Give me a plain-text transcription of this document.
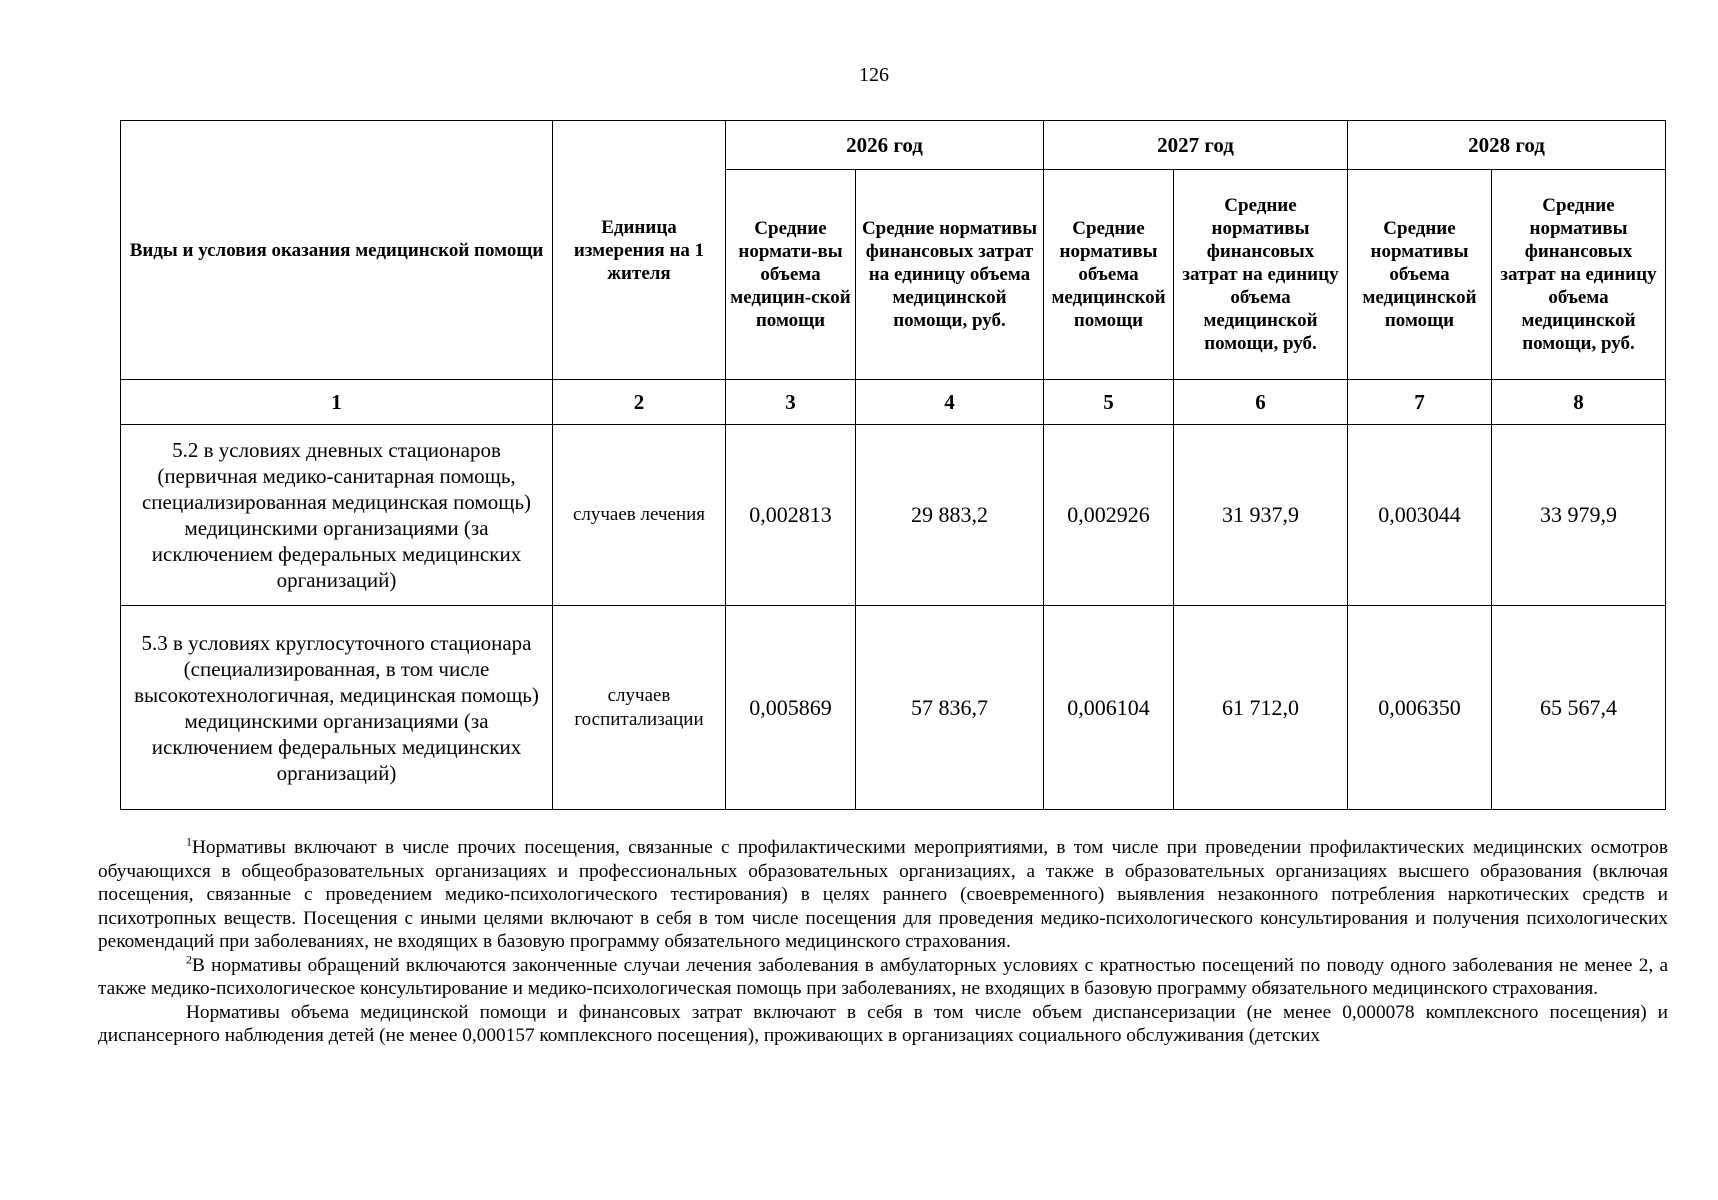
126
Виды и условия оказания медицинской помощи	Единица измерения на 1 жителя	2026 год		2027 год		2028 год	
		Средние нормати-вы объема медицин-ской помощи	Средние нормативы финансовых затрат на единицу объема медицинской помощи, руб.	Средние нормативы объема медицинской помощи	Средние нормативы финансовых затрат на единицу объема медицинской помощи, руб.	Средние нормативы объема медицинской помощи	Средние нормативы финансовых затрат на единицу объема медицинской помощи, руб.
1	2	3	4	5	6	7	8
5.2 в условиях дневных стационаров (первичная медико-санитарная помощь, специализированная медицинская помощь) медицинскими организациями (за исключением федеральных медицинских организаций)	случаев лечения	0,002813	29 883,2	0,002926	31 937,9	0,003044	33 979,9
5.3 в условиях круглосуточного стационара (специализированная, в том числе высокотехнологичная, медицинская помощь) медицинскими организациями (за исключением федеральных медицинских организаций)	случаев госпитализации	0,005869	57 836,7	0,006104	61 712,0	0,006350	65 567,4

$^1$Нормативы включают в числе прочих посещения, связанные с профилактическими мероприятиями, в том числе при проведении профилактических медицинских осмотров обучающихся в общеобразовательных организациях и профессиональных образовательных организациях, а также в образовательных организациях высшего образования (включая посещения, связанные с проведением медико-психологического тестирования) в целях раннего (своевременного) выявления незаконного потребления наркотических средств и психотропных веществ. Посещения с иными целями включают в себя в том числе посещения для проведения медико-психологического консультирования и получения психологических рекомендаций при заболеваниях, не входящих в базовую программу обязательного медицинского страхования.

$^2$В нормативы обращений включаются законченные случаи лечения заболевания в амбулаторных условиях с кратностью посещений по поводу одного заболевания не менее 2, а также медико-психологическое консультирование и медико-психологическая помощь при заболеваниях, не входящих в базовую программу обязательного медицинского страхования.

Нормативы объема медицинской помощи и финансовых затрат включают в себя в том числе объем диспансеризации (не менее 0,000078 комплексного посещения) и диспансерного наблюдения детей (не менее 0,000157 комплексного посещения), проживающих в организациях социального обслуживания (детских
